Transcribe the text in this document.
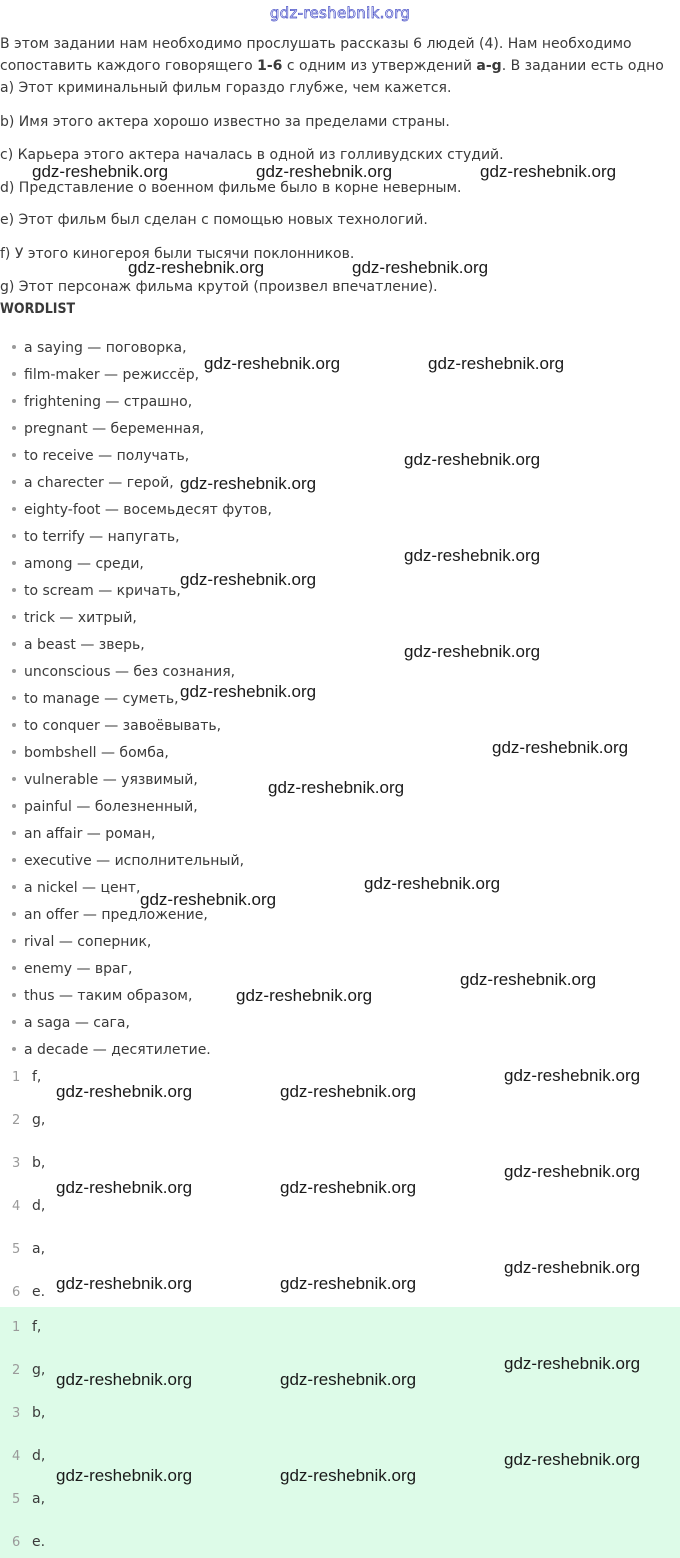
gdz-reshebnik.org
В этом задании нам необходимо прослушать рассказы 6 людей (4). Нам необходимо
сопоставить каждого говорящего 1-6 с одним из утверждений a-g. В задании есть одно
a) Этот криминальный фильм гораздо глубже, чем кажется.
b) Имя этого актера хорошо известно за пределами страны.
c) Карьера этого актера началась в одной из голливудских студий.
d) Представление о военном фильме было в корне неверным.
e) Этот фильм был сделан с помощью новых технологий.
f) У этого киногероя были тысячи поклонников.
g) Этот персонаж фильма крутой (произвел впечатление).
WORDLIST
a saying — поговорка,
film-maker — режиссёр,
frightening — страшно,
pregnant — беременная,
to receive — получать,
a charecter — герой,
eighty-foot — восемьдесят футов,
to terrify — напугать,
among — среди,
to scream — кричать,
trick — хитрый,
a beast — зверь,
unconscious — без сознания,
to manage — суметь,
to conquer — завоёвывать,
bombshell — бомба,
vulnerable — уязвимый,
painful — болезненный,
an affair — роман,
executive — исполнительный,
a nickel — цент,
an offer — предложение,
rival — соперник,
enemy — враг,
thus — таким образом,
a saga — сага,
a decade — десятилетие.
1 f,
2 g,
3 b,
4 d,
5 a,
6 e.
1 f,
2 g,
3 b,
4 d,
5 a,
6 e.
gdz-reshebnik.org	gdz-reshebnik.org	gdz-reshebnik.org
gdz-reshebnik.org	gdz-reshebnik.org
gdz-reshebnik.org	gdz-reshebnik.org
gdz-reshebnik.org
gdz-reshebnik.org
gdz-reshebnik.org
gdz-reshebnik.org
gdz-reshebnik.org
gdz-reshebnik.org
gdz-reshebnik.org
gdz-reshebnik.org
gdz-reshebnik.org
gdz-reshebnik.org
gdz-reshebnik.org
gdz-reshebnik.org
gdz-reshebnik.org
gdz-reshebnik.org	gdz-reshebnik.org
gdz-reshebnik.org
gdz-reshebnik.org	gdz-reshebnik.org
gdz-reshebnik.org
gdz-reshebnik.org	gdz-reshebnik.org
gdz-reshebnik.org
gdz-reshebnik.org	gdz-reshebnik.org
gdz-reshebnik.org
gdz-reshebnik.org	gdz-reshebnik.org
